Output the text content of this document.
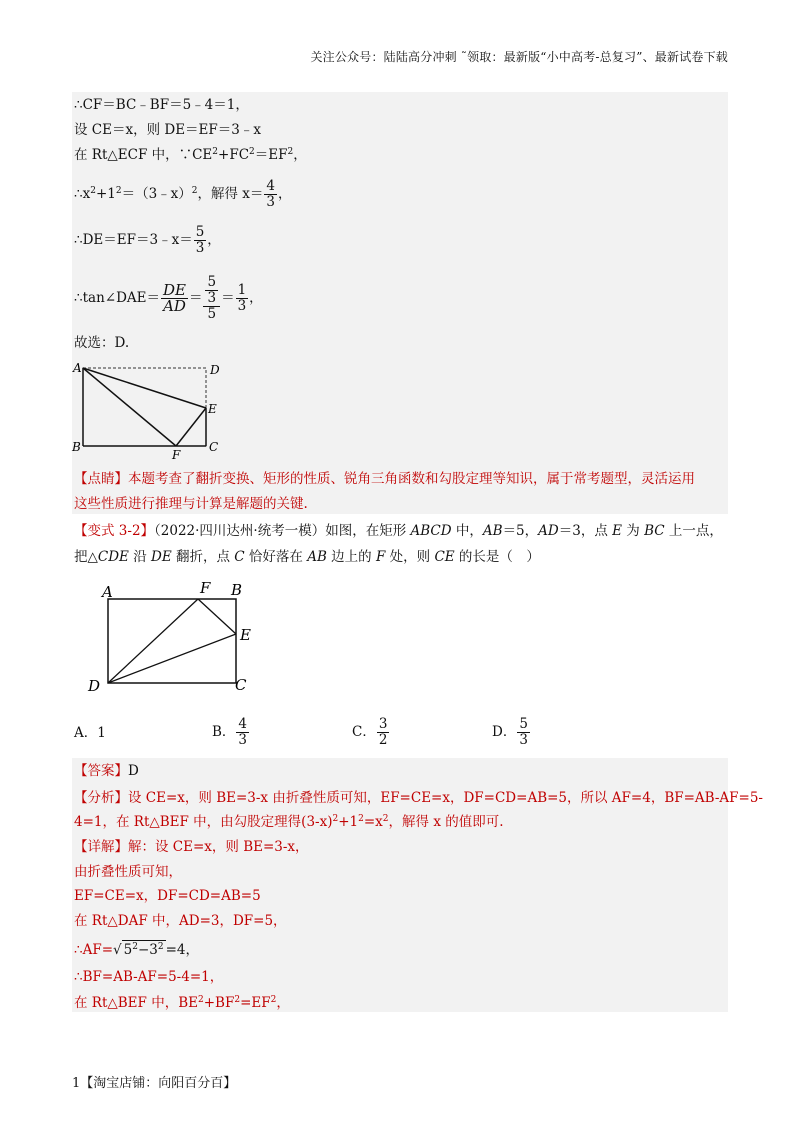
关注公众号：陆陆高分冲刺 ˜领取：最新版“小中高考-总复习”、最新试卷下载
∴CF＝BC﹣BF＝5﹣4＝1，
设 CE＝x，则 DE＝EF＝3﹣x
在 Rt△ECF 中，$\because CE^2+FC^2=EF^2$，
$\therefore x^2+1^2=(3﹣x)^2$，解得 $x= \frac{4}{3}$ ，
∴DE＝EF＝3﹣x＝ $\frac{5}{3}$ ，
∴tan∠DAE＝ $\frac{DE}{AD} = \frac{\frac{5}{3}}{5} = \frac{1}{3}$ ，
故选：D.
A	D
E
B	C
F
【点睛】本题考查了翻折变换、矩形的性质、锐角三角函数和勾股定理等知识，属于常考题型，灵活运用
这些性质进行推理与计算是解题的关键.
【变式 3-2】（2022·四川达州·统考一模）如图，在矩形 ABCD 中，AB＝5，AD＝3，点 E 为 BC 上一点，
把△CDE 沿 DE 翻折，点 C 恰好落在 AB 边上的 F 处，则 CE 的长是（　）
A	F B
E
D	C
A．1	B． $\frac{4}{3}$	C． $\frac{3}{2}$	D． $\frac{5}{3}$
【答案】D
【分析】设 CE=x，则 BE=3-x 由折叠性质可知，EF=CE=x，DF=CD=AB=5，所以 AF=4，BF=AB-AF=5-
4=1，在 Rt△BEF 中，由勾股定理得$(3-x)^2+1^2=x^2$，解得 x 的值即可.
【详解】解：设 CE=x，则 BE=3-x，
由折叠性质可知，
EF=CE=x，DF=CD=AB=5
在 Rt△DAF 中，AD=3，DF=5，
∴AF=√ $5^2-3^2 =4$，
∴BF=AB-AF=5-4=1，
在 Rt△BEF 中，$BE^2+BF^2=EF^2$，
1【淘宝店铺：向阳百分百】
